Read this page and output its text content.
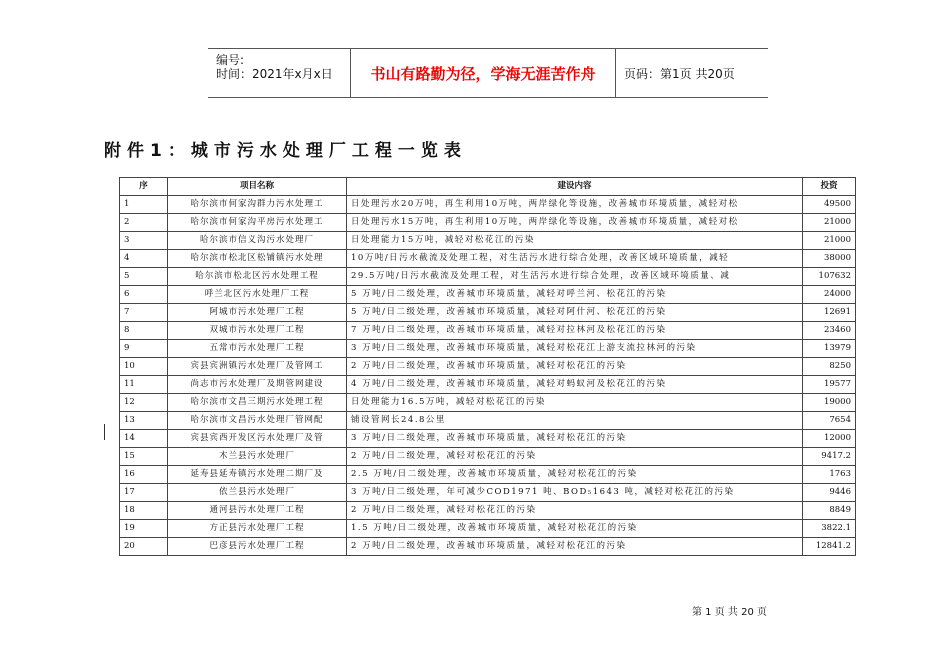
编号:
时间：2021年x月x日	书山有路勤为径，学海无涯苦作舟	页码：第1页 共20页
附件1：城市污水处理厂工程一览表
序	项目名称	建设内容	投资
1	哈尔滨市何家沟群力污水处理工	日处理污水20万吨，再生利用10万吨，两岸绿化等设施，改善城市环境质量，减轻对松	49500
2	哈尔滨市何家沟平房污水处理工	日处理污水15万吨，再生利用10万吨，两岸绿化等设施，改善城市环境质量，减轻对松	21000
3	哈尔滨市信义沟污水处理厂	日处理能力15万吨，减轻对松花江的污染	21000
4	哈尔滨市松北区松铺镇污水处理	10万吨/日污水截流及处理工程，对生活污水进行综合处理，改善区域环境质量，减轻	38000
5	哈尔滨市松北区污水处理工程	29.5万吨/日污水截流及处理工程，对生活污水进行综合处理，改善区域环境质量、减	107632
6	呼兰北区污水处理厂工程	5 万吨/日二级处理，改善城市环境质量，减轻对呼兰河、松花江的污染	24000
7	阿城市污水处理厂工程	5 万吨/日二级处理，改善城市环境质量，减轻对阿什河、松花江的污染	12691
8	双城市污水处理厂工程	7 万吨/日二级处理，改善城市环境质量，减轻对拉林河及松花江的污染	23460
9	五常市污水处理厂工程	3 万吨/日二级处理，改善城市环境质量，减轻对松花江上游支流拉林河的污染	13979
10	宾县宾洲镇污水处理厂及管网工	2 万吨/日二级处理，改善城市环境质量，减轻对松花江的污染	8250
11	尚志市污水处理厂及期管网建设	4 万吨/日二级处理，改善城市环境质量，减轻对蚂蚁河及松花江的污染	19577
12	哈尔滨市文昌三期污水处理工程	日处理能力16.5万吨，减轻对松花江的污染	19000
13	哈尔滨市文昌污水处理厂管网配	铺设管网长24.8公里	7654
14	宾县宾西开发区污水处理厂及管	3 万吨/日二级处理，改善城市环境质量，减轻对松花江的污染	12000
15	木兰县污水处理厂	2 万吨/日二级处理，减轻对松花江的污染	9417.2
16	延寿县延寿镇污水处理二期厂及	2.5 万吨/日二级处理，改善城市环境质量，减轻对松花江的污染	1763
17	依兰县污水处理厂	3 万吨/日二级处理，年可减少COD1971 吨、BOD₅1643 吨，减轻对松花江的污染	9446
18	通河县污水处理厂工程	2 万吨/日二级处理，减轻对松花江的污染	8849
19	方正县污水处理厂工程	1.5 万吨/日二级处理，改善城市环境质量，减轻对松花江的污染	3822.1
20	巴彦县污水处理厂工程	2 万吨/日二级处理，改善城市环境质量，减轻对松花江的污染	12841.2
第 1 页 共 20 页
